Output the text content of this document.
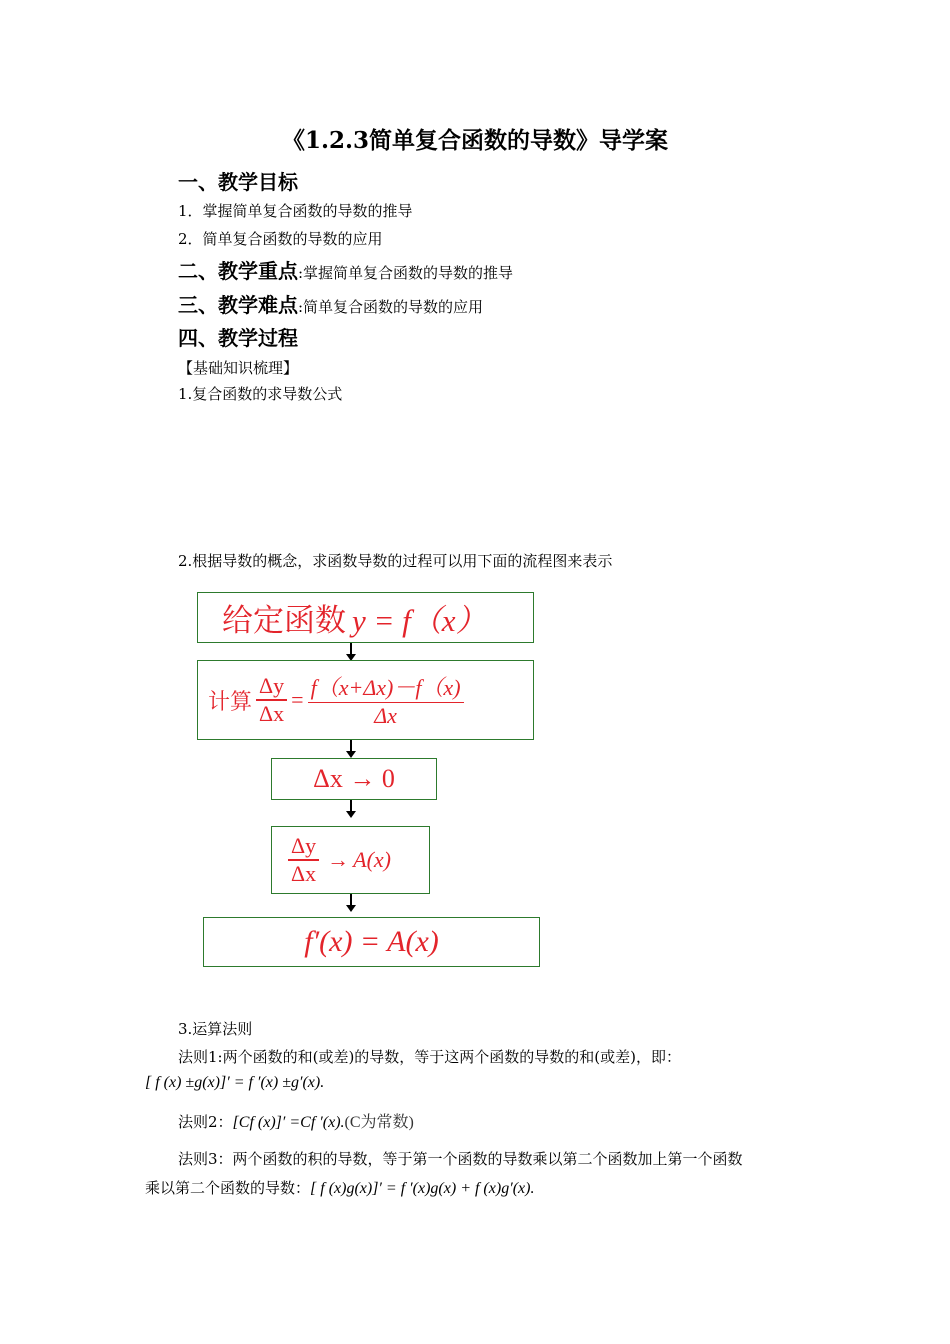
《1.2.3简单复合函数的导数》导学案
一、教学目标
1．掌握简单复合函数的导数的推导
2．简单复合函数的导数的应用
二、教学重点:掌握简单复合函数的导数的推导
三、教学难点:简单复合函数的导数的应用
四、教学过程
【基础知识梳理】
1.复合函数的求导数公式
2.根据导数的概念，求函数导数的过程可以用下面的流程图来表示
给定函数 y = f（x）
计算 $\frac{\Delta y}{\Delta x} = \frac{f(x+\Delta x)-f(x)}{\Delta x}$
Δx → 0
$\frac{\Delta y}{\Delta x} \to A(x)$
f′(x) = A(x)
3.运算法则
法则1:两个函数的和(或差)的导数，等于这两个函数的导数的和(或差)，即：
[ f (x) ±g(x)]′ = f ′(x) ±g′(x).
法则2：[Cf (x)]′ =Cf ′(x).(C为常数)
法则3：两个函数的积的导数，等于第一个函数的导数乘以第二个函数加上第一个函数
乘以第二个函数的导数：[ f (x)g(x)]′ = f ′(x)g(x) + f (x)g′(x).
